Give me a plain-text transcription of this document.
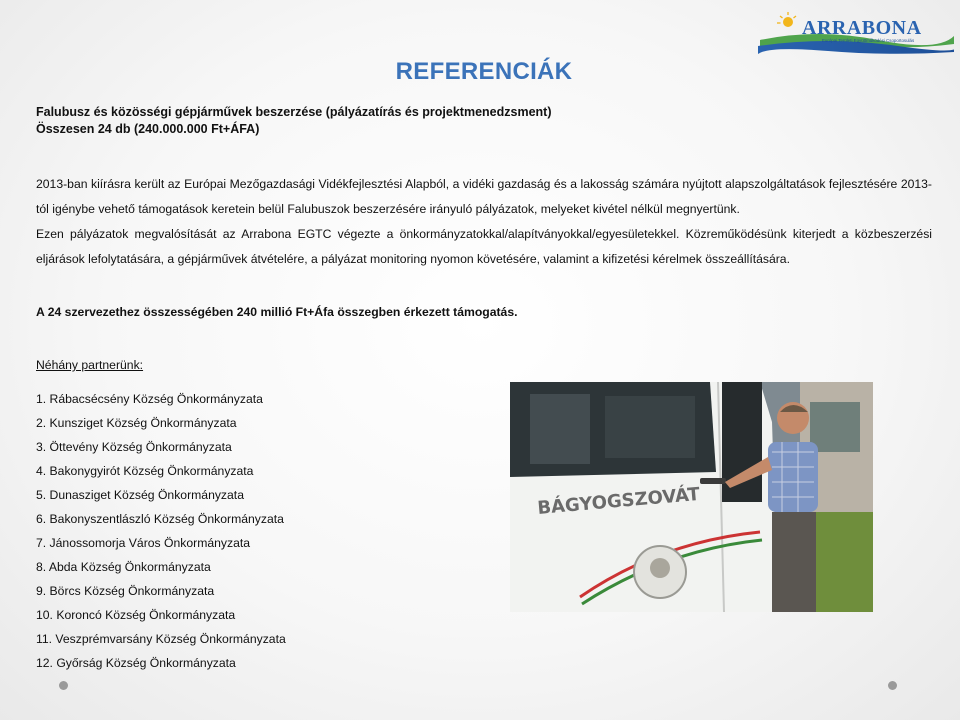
ARRABONA
Európai Területi Együttműködési Csoportosulás
REFERENCIÁK
Falubusz és közösségi gépjárművek beszerzése (pályázatírás és projektmenedzsment)
Összesen 24 db (240.000.000 Ft+ÁFA)
2013-ban kiírásra került az Európai Mezőgazdasági Vidékfejlesztési Alapból, a vidéki gazdaság és a lakosság számára nyújtott alapszolgáltatások fejlesztésére 2013-tól igénybe vehető támogatások keretein belül Falubuszok beszerzésére irányuló pályázatok, melyeket kivétel nélkül megnyertünk.
Ezen pályázatok megvalósítását az Arrabona EGTC végezte a önkormányzatokkal/alapítványokkal/egyesületekkel. Közreműködésünk kiterjedt a közbeszerzési eljárások lefolytatására, a gépjárművek átvételére, a pályázat monitoring nyomon követésére, valamint a kifizetési kérelmek összeállítására.
A 24 szervezethez összességében 240 millió Ft+Áfa összegben érkezett támogatás.
Néhány partnerünk:
1. Rábacsécsény Község Önkormányzata
2. Kunsziget Község Önkormányzata
3. Öttevény Község Önkormányzata
4. Bakonygyirót Község Önkormányzata
5. Dunasziget Község Önkormányzata
6. Bakonyszentlászló Község Önkormányzata
7. Jánossomorja Város Önkormányzata
8. Abda Község Önkormányzata
9. Börcs Község Önkormányzata
10. Koroncó Község Önkormányzata
11. Veszprémvarsány Község Önkormányzata
12. Győrság Község Önkormányzata
BÁGYOGSZOVÁT
